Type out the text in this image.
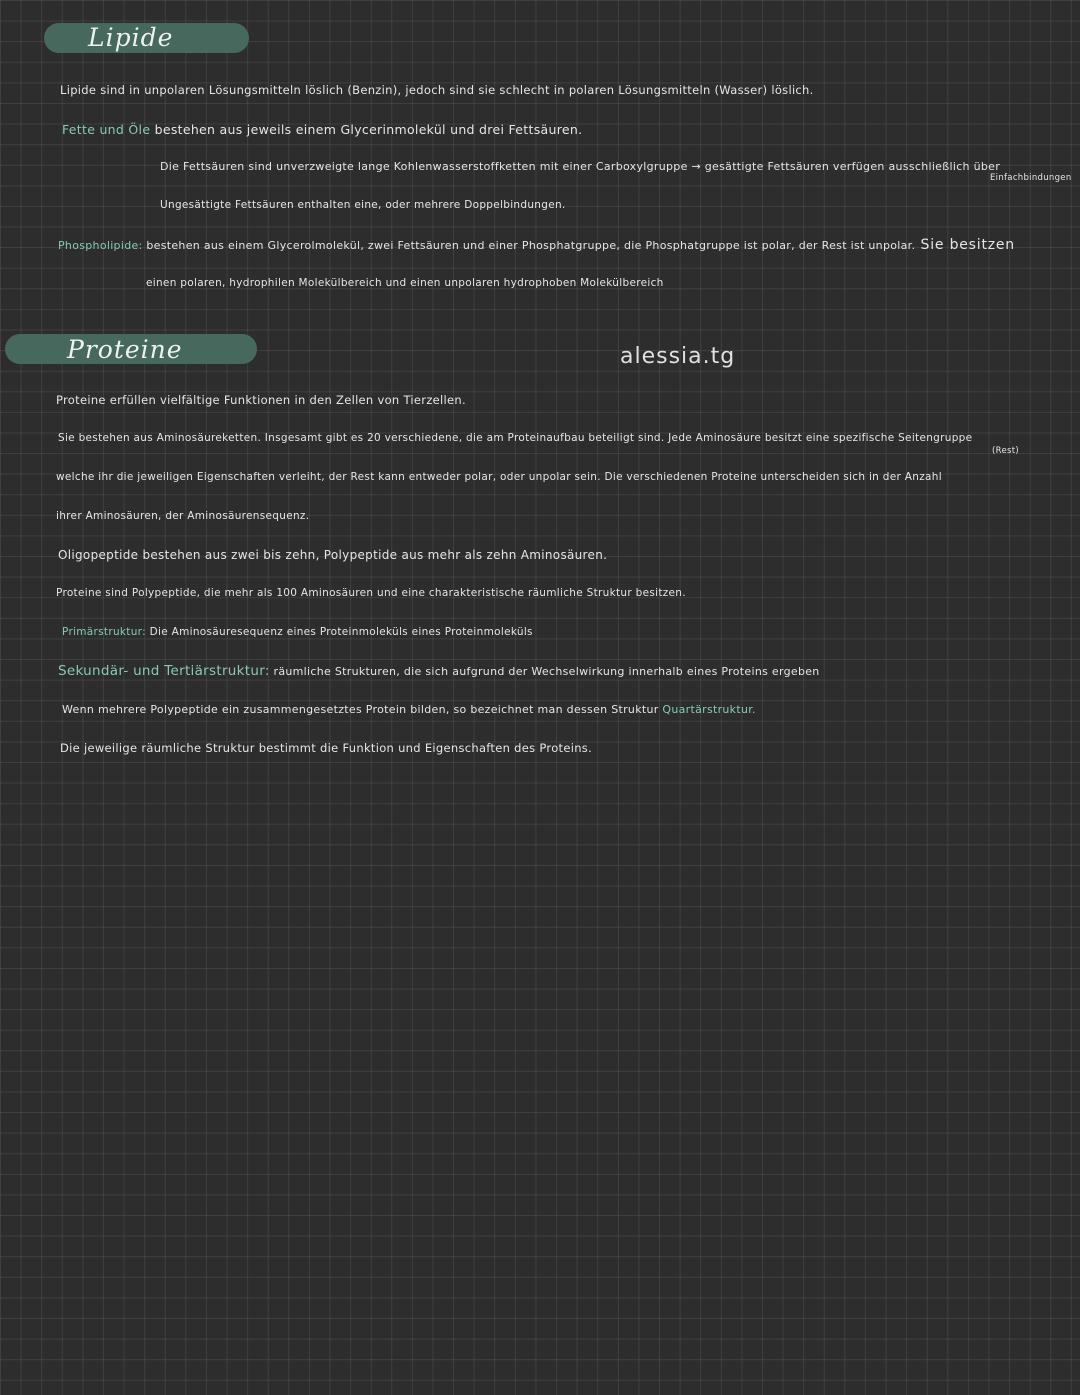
Lipide
Lipide sind in unpolaren Lösungsmitteln löslich (Benzin), jedoch sind sie schlecht in polaren Lösungsmitteln (Wasser) löslich.
Fette und Öle bestehen aus jeweils einem Glycerinmolekül und drei Fettsäuren.
Die Fettsäuren sind unverzweigte lange Kohlenwasserstoffketten mit einer Carboxylgruppe → gesättigte Fettsäuren verfügen ausschließlich über
Einfachbindungen
Ungesättigte Fettsäuren enthalten eine, oder mehrere Doppelbindungen.
Phospholipide: bestehen aus einem Glycerolmolekül, zwei Fettsäuren und einer Phosphatgruppe, die Phosphatgruppe ist polar, der Rest ist unpolar. Sie besitzen
einen polaren, hydrophilen Molekülbereich und einen unpolaren hydrophoben Molekülbereich
Proteine	alessia.tg
Proteine erfüllen vielfältige Funktionen in den Zellen von Tierzellen.
Sie bestehen aus Aminosäureketten. Insgesamt gibt es 20 verschiedene, die am Proteinaufbau beteiligt sind. Jede Aminosäure besitzt eine spezifische Seitengruppe
(Rest)
welche ihr die jeweiligen Eigenschaften verleiht, der Rest kann entweder polar, oder unpolar sein. Die verschiedenen Proteine unterscheiden sich in der Anzahl
ihrer Aminosäuren, der Aminosäurensequenz.
Oligopeptide bestehen aus zwei bis zehn, Polypeptide aus mehr als zehn Aminosäuren.
Proteine sind Polypeptide, die mehr als 100 Aminosäuren und eine charakteristische räumliche Struktur besitzen.
Primärstruktur: Die Aminosäuresequenz eines Proteinmoleküls eines Proteinmoleküls
Sekundär- und Tertiärstruktur: räumliche Strukturen, die sich aufgrund der Wechselwirkung innerhalb eines Proteins ergeben
Wenn mehrere Polypeptide ein zusammengesetztes Protein bilden, so bezeichnet man dessen Struktur Quartärstruktur.
Die jeweilige räumliche Struktur bestimmt die Funktion und Eigenschaften des Proteins.
